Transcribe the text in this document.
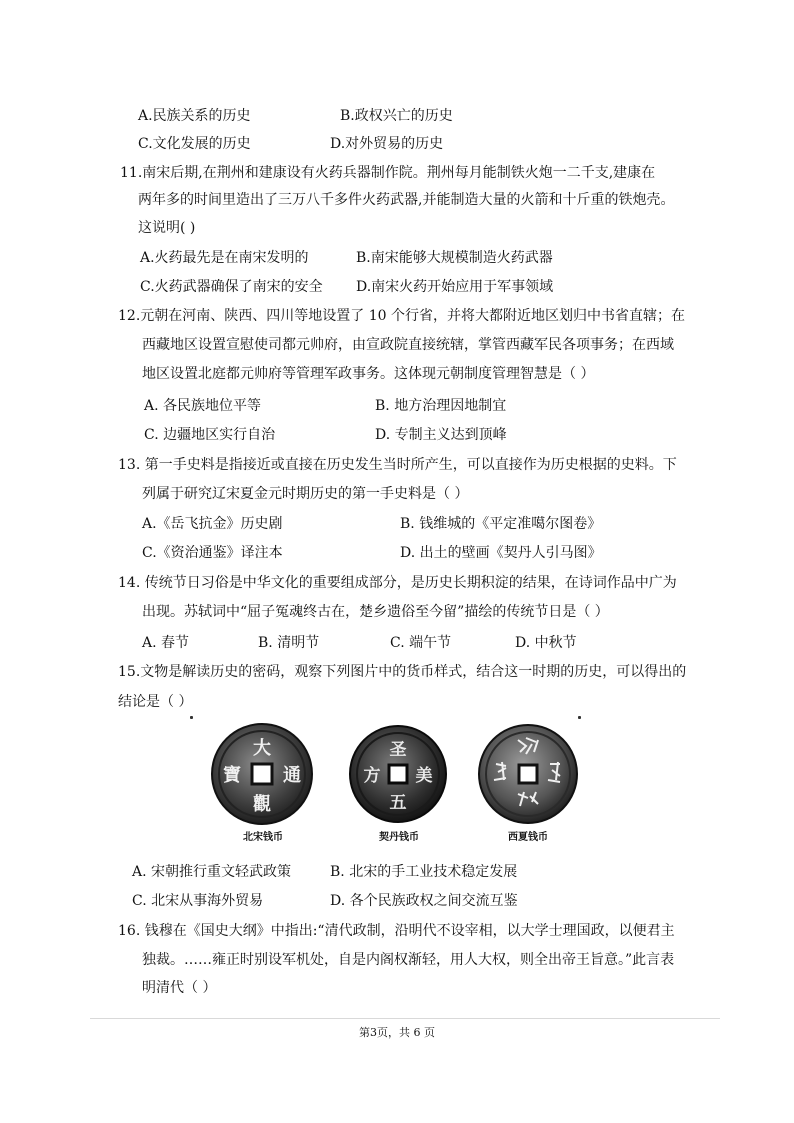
A.民族关系的历史	B.政权兴亡的历史
C.文化发展的历史	D.对外贸易的历史
11.南宋后期,在荆州和建康设有火药兵器制作院。荆州每月能制铁火炮一二千支,建康在
两年多的时间里造出了三万八千多件火药武器,并能制造大量的火箭和十斤重的铁炮壳。
这说明( )
A.火药最先是在南宋发明的	B.南宋能够大规模制造火药武器
C.火药武器确保了南宋的安全 D.南宋火药开始应用于军事领域
12.元朝在河南、陕西、四川等地设置了 10 个行省，并将大都附近地区划归中书省直辖；在
西藏地区设置宣慰使司都元帅府，由宣政院直接统辖，掌管西藏军民各项事务；在西域
地区设置北庭都元帅府等管理军政事务。这体现元朝制度管理智慧是（ ）
A. 各民族地位平等	B. 地方治理因地制宜
C. 边疆地区实行自治	D. 专制主义达到顶峰
13. 第一手史料是指接近或直接在历史发生当时所产生，可以直接作为历史根据的史料。下
列属于研究辽宋夏金元时期历史的第一手史料是（ ）
A.《岳飞抗金》历史剧	B. 钱维城的《平定准噶尔图卷》
C.《资治通鉴》译注本	D. 出土的壁画《契丹人引马图》
14. 传统节日习俗是中华文化的重要组成部分，是历史长期积淀的结果，在诗词作品中广为
出现。苏轼词中“屈子冤魂终古在，楚乡遗俗至今留”描绘的传统节日是（ ）
A. 春节	B. 清明节	C. 端午节	D. 中秋节
15.文物是解读历史的密码，观察下列图片中的货币样式，结合这一时期的历史，可以得出的
结论是（ ）
大
通
觀
寶
圣
美
五
方
北宋钱币	契丹钱币	西夏钱币
A. 宋朝推行重文轻武政策	B. 北宋的手工业技术稳定发展
C. 北宋从事海外贸易	D. 各个民族政权之间交流互鉴
16. 钱穆在《国史大纲》中指出:“清代政制，沿明代不设宰相，以大学士理国政，以便君主
独裁。……雍正时别设军机处，自是内阁权渐轻，用人大权，则全出帝王旨意。”此言表
明清代（ ）
第3页，共 6 页
